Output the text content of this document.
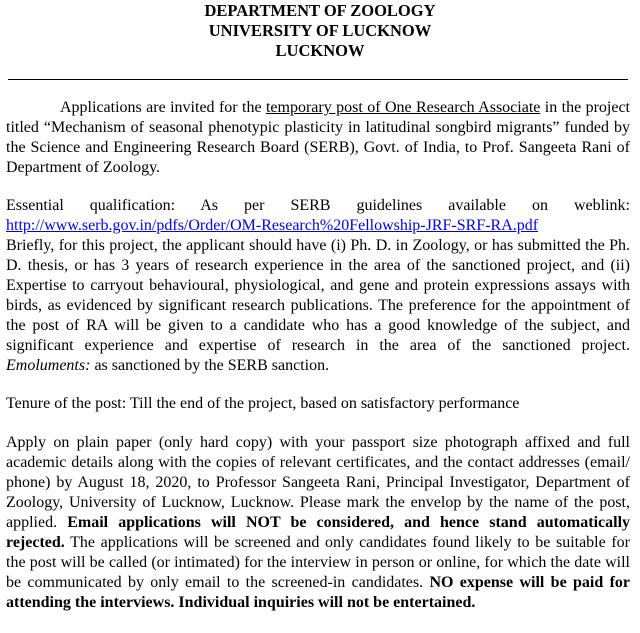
DEPARTMENT OF ZOOLOGY
UNIVERSITY OF LUCKNOW
LUCKNOW

Applications are invited for the temporary post of One Research Associate in the project titled “Mechanism of seasonal phenotypic plasticity in latitudinal songbird migrants” funded by the Science and Engineering Research Board (SERB), Govt. of India, to Prof. Sangeeta Rani of Department of Zoology.

Essential qualification: As per SERB guidelines available on weblink:

http://www.serb.gov.in/pdfs/Order/OM-Research%20Fellowship-JRF-SRF-RA.pdf
Briefly, for this project, the applicant should have (i) Ph. D. in Zoology, or has submitted the Ph. D. thesis, or has 3 years of research experience in the area of the sanctioned project, and (ii) Expertise to carryout behavioural, physiological, and gene and protein expressions assays with birds, as evidenced by significant research publications. The preference for the appointment of the post of RA will be given to a candidate who has a good knowledge of the subject, and significant experience and expertise of research in the area of the sanctioned project. Emoluments: as sanctioned by the SERB sanction.

Tenure of the post: Till the end of the project, based on satisfactory performance

Apply on plain paper (only hard copy) with your passport size photograph affixed and full academic details along with the copies of relevant certificates, and the contact addresses (email/ phone) by August 18, 2020, to Professor Sangeeta Rani, Principal Investigator, Department of Zoology, University of Lucknow, Lucknow. Please mark the envelop by the name of the post, applied. Email applications will NOT be considered, and hence stand automatically rejected. The applications will be screened and only candidates found likely to be suitable for the post will be called (or intimated) for the interview in person or online, for which the date will be communicated by only email to the screened-in candidates. NO expense will be paid for attending the interviews. Individual inquiries will not be entertained.
